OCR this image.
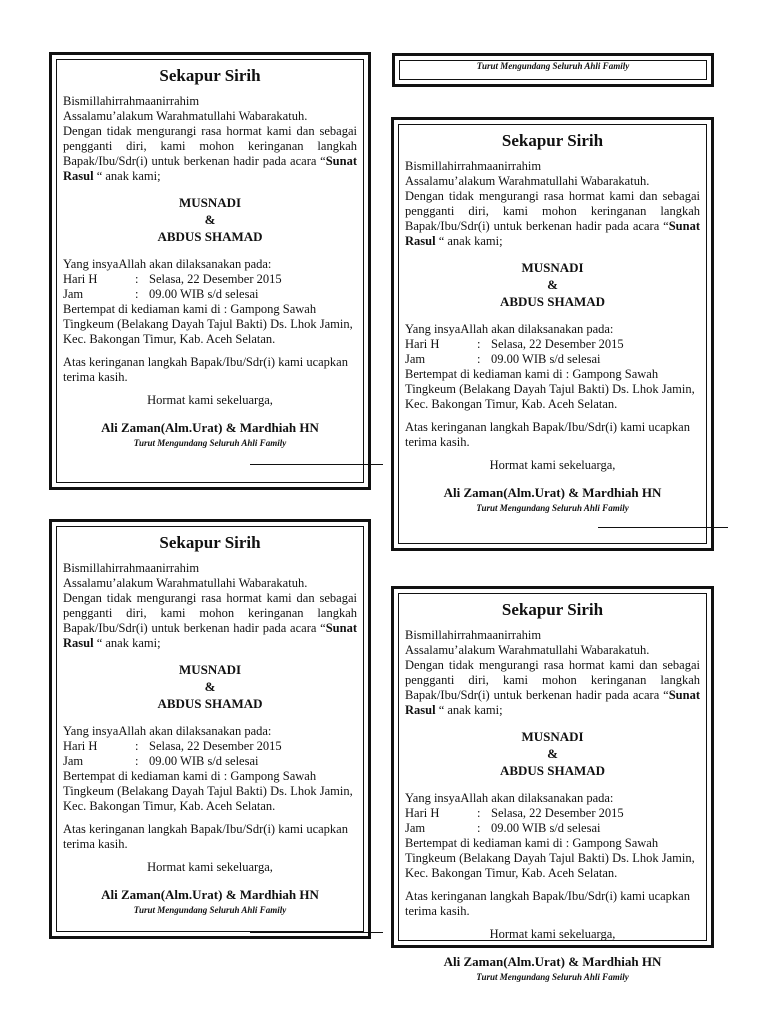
Turut Mengundang Seluruh Ahli Family
Sekapur Sirih

Bismillahirrahmaanirrahim

Assalamu’alakum Warahmatullahi Wabarakatuh.

Dengan tidak mengurangi rasa hormat kami dan sebagai pengganti diri, kami mohon keringanan langkah Bapak/Ibu/Sdr(i) untuk berkenan hadir pada acara “Sunat Rasul “ anak kami;

MUSNADI
&
ABDUS SHAMAD

Yang insyaAllah akan dilaksanakan pada:

Hari H	: Selasa, 22 Desember 2015
Jam	: 09.00 WIB s/d selesai

Bertempat di kediaman kami di : Gampong Sawah Tingkeum (Belakang Dayah Tajul Bakti) Ds. Lhok Jamin, Kec. Bakongan Timur, Kab. Aceh Selatan.

Atas keringanan langkah Bapak/Ibu/Sdr(i) kami ucapkan terima kasih.

Hormat kami sekeluarga,

Ali Zaman(Alm.Urat) & Mardhiah HN
Turut Mengundang Seluruh Ahli Family
Sekapur Sirih

Bismillahirrahmaanirrahim

Assalamu’alakum Warahmatullahi Wabarakatuh.

Dengan tidak mengurangi rasa hormat kami dan sebagai pengganti diri, kami mohon keringanan langkah Bapak/Ibu/Sdr(i) untuk berkenan hadir pada acara “Sunat Rasul “ anak kami;

MUSNADI
&
ABDUS SHAMAD

Yang insyaAllah akan dilaksanakan pada:

Hari H	: Selasa, 22 Desember 2015
Jam	: 09.00 WIB s/d selesai

Bertempat di kediaman kami di : Gampong Sawah Tingkeum (Belakang Dayah Tajul Bakti) Ds. Lhok Jamin, Kec. Bakongan Timur, Kab. Aceh Selatan.

Atas keringanan langkah Bapak/Ibu/Sdr(i) kami ucapkan terima kasih.

Hormat kami sekeluarga,

Ali Zaman(Alm.Urat) & Mardhiah HN
Turut Mengundang Seluruh Ahli Family
Sekapur Sirih

Bismillahirrahmaanirrahim

Assalamu’alakum Warahmatullahi Wabarakatuh.

Dengan tidak mengurangi rasa hormat kami dan sebagai pengganti diri, kami mohon keringanan langkah Bapak/Ibu/Sdr(i) untuk berkenan hadir pada acara “Sunat Rasul “ anak kami;

MUSNADI
&
ABDUS SHAMAD

Yang insyaAllah akan dilaksanakan pada:

Hari H	: Selasa, 22 Desember 2015
Jam	: 09.00 WIB s/d selesai

Bertempat di kediaman kami di : Gampong Sawah Tingkeum (Belakang Dayah Tajul Bakti) Ds. Lhok Jamin, Kec. Bakongan Timur, Kab. Aceh Selatan.

Atas keringanan langkah Bapak/Ibu/Sdr(i) kami ucapkan terima kasih.

Hormat kami sekeluarga,

Ali Zaman(Alm.Urat) & Mardhiah HN
Turut Mengundang Seluruh Ahli Family
Sekapur Sirih

Bismillahirrahmaanirrahim

Assalamu’alakum Warahmatullahi Wabarakatuh.

Dengan tidak mengurangi rasa hormat kami dan sebagai pengganti diri, kami mohon keringanan langkah Bapak/Ibu/Sdr(i) untuk berkenan hadir pada acara “Sunat Rasul “ anak kami;

MUSNADI
&
ABDUS SHAMAD

Yang insyaAllah akan dilaksanakan pada:

Hari H	: Selasa, 22 Desember 2015
Jam	: 09.00 WIB s/d selesai

Bertempat di kediaman kami di : Gampong Sawah Tingkeum (Belakang Dayah Tajul Bakti) Ds. Lhok Jamin, Kec. Bakongan Timur, Kab. Aceh Selatan.

Atas keringanan langkah Bapak/Ibu/Sdr(i) kami ucapkan terima kasih.

Hormat kami sekeluarga,

Ali Zaman(Alm.Urat) & Mardhiah HN
Turut Mengundang Seluruh Ahli Family
